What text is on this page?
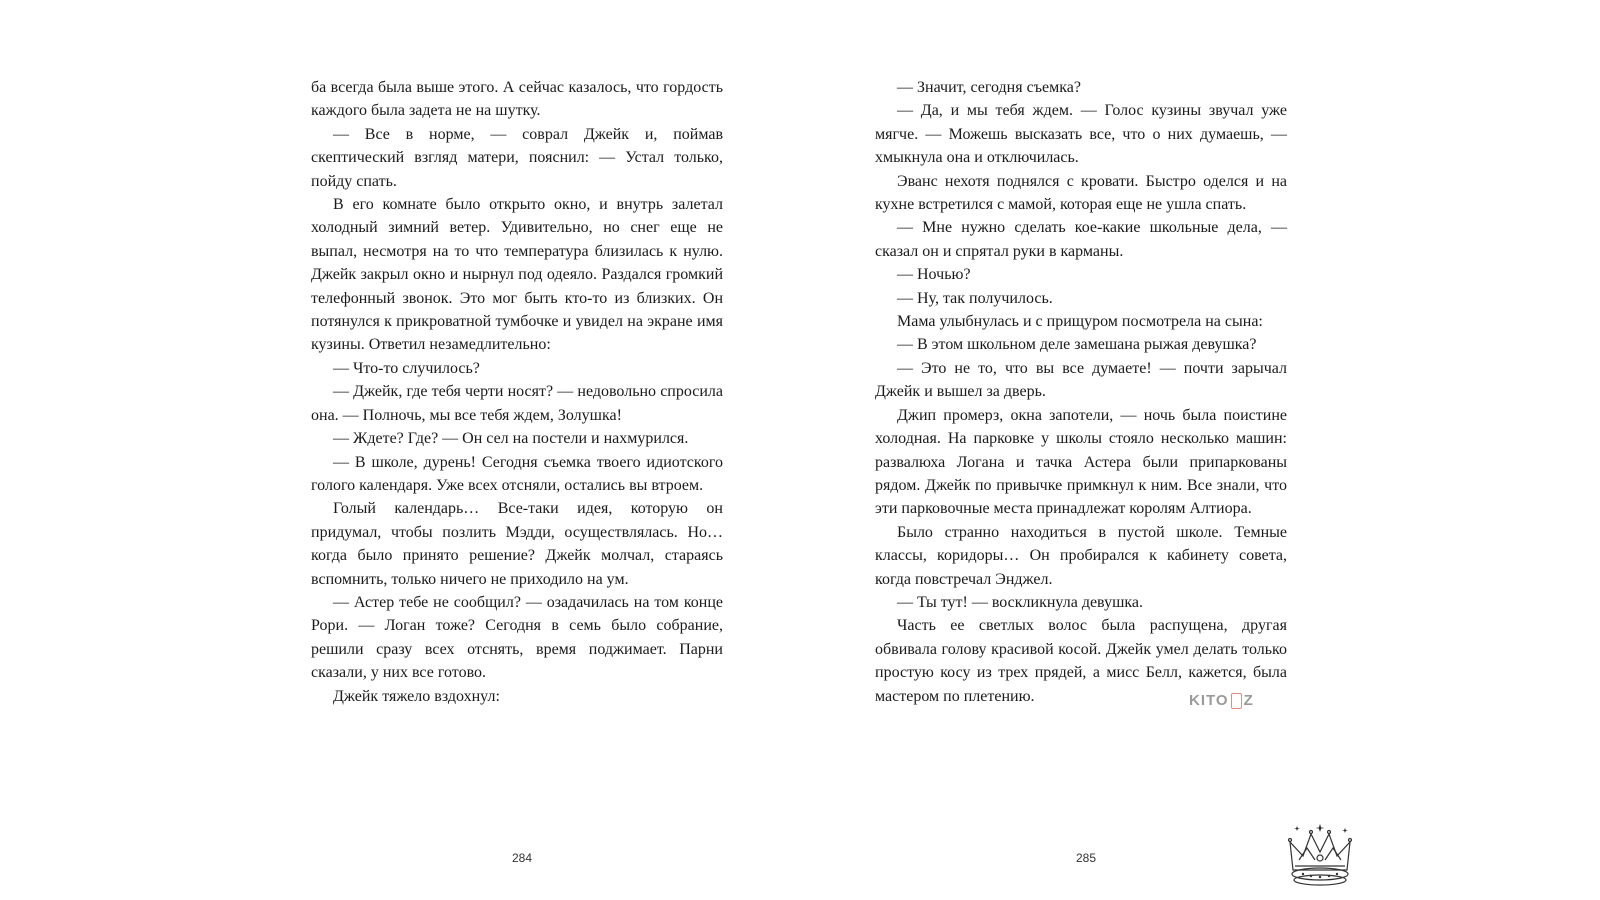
ба всегда была выше этого. А сейчас казалось, что гордость каждого была задета не на шутку.

— Все в норме, — соврал Джейк и, поймав скептический взгляд матери, пояснил: — Устал только, пойду спать.

В его комнате было открыто окно, и внутрь залетал холодный зимний ветер. Удивительно, но снег еще не выпал, несмотря на то что температура близилась к нулю. Джейк закрыл окно и нырнул под одеяло. Раздался громкий телефонный звонок. Это мог быть кто-то из близких. Он потянулся к прикроватной тумбочке и увидел на экране имя кузины. Ответил незамедлительно:

— Что-то случилось?

— Джейк, где тебя черти носят? — недовольно спросила она. — Полночь, мы все тебя ждем, Золушка!

— Ждете? Где? — Он сел на постели и нахмурился.

— В школе, дурень! Сегодня съемка твоего идиотского голого календаря. Уже всех отсняли, остались вы втроем.

Голый календарь… Все-таки идея, которую он придумал, чтобы позлить Мэдди, осуществлялась. Но… когда было принято решение? Джейк молчал, стараясь вспомнить, только ничего не приходило на ум.

— Астер тебе не сообщил? — озадачилась на том конце Рори. — Логан тоже? Сегодня в семь было собрание, решили сразу всех отснять, время поджимает. Парни сказали, у них все готово.

Джейк тяжело вздохнул:

— Значит, сегодня съемка?

— Да, и мы тебя ждем. — Голос кузины звучал уже мягче. — Можешь высказать все, что о них думаешь, — хмыкнула она и отключилась.

Эванс нехотя поднялся с кровати. Быстро оделся и на кухне встретился с мамой, которая еще не ушла спать.

— Мне нужно сделать кое-какие школьные дела, — сказал он и спрятал руки в карманы.

— Ночью?

— Ну, так получилось.

Мама улыбнулась и с прищуром посмотрела на сына:

— В этом школьном деле замешана рыжая девушка?

— Это не то, что вы все думаете! — почти зарычал Джейк и вышел за дверь.

Джип промерз, окна запотели, — ночь была поистине холодная. На парковке у школы стояло несколько машин: развалюха Логана и тачка Астера были припаркованы рядом. Джейк по привычке примкнул к ним. Все знали, что эти парковочные места принадлежат королям Алтиора.

Было странно находиться в пустой школе. Темные классы, коридоры… Он пробирался к кабинету совета, когда повстречал Энджел.

— Ты тут! — воскликнула девушка.

Часть ее светлых волос была распущена, другая обвивала голову красивой косой. Джейк умел делать только простую косу из трех прядей, а мисс Белл, кажется, была мастером по плетению.

284	285
KITO Z
